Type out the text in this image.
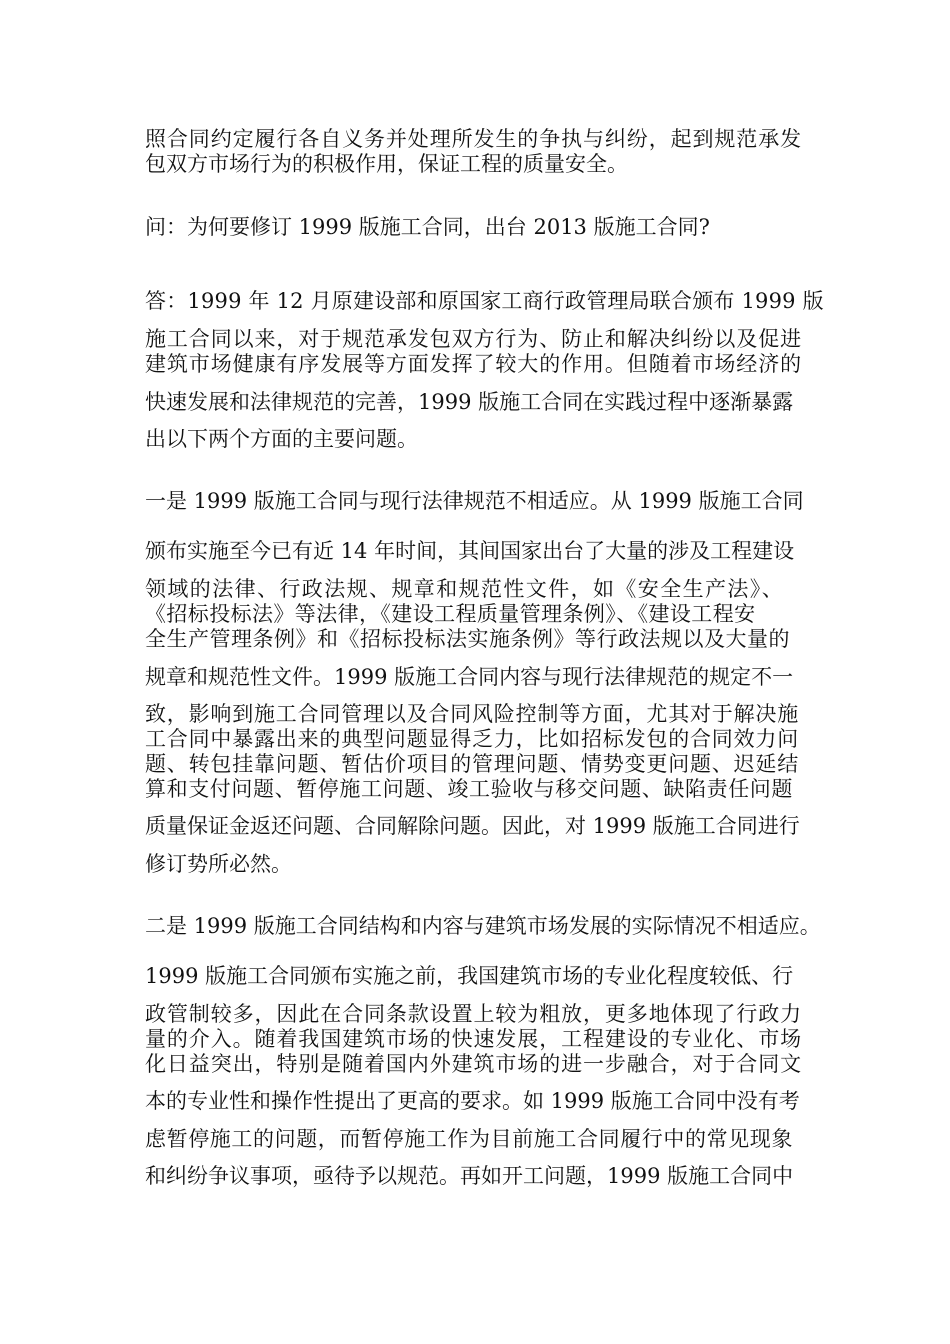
照合同约定履行各自义务并处理所发生的争执与纠纷，起到规范承发
包双方市场行为的积极作用，保证工程的质量安全。
问：为何要修订 1999 版施工合同，出台 2013 版施工合同?
答：1999 年 12 月原建设部和原国家工商行政管理局联合颁布 1999 版
施工合同以来，对于规范承发包双方行为、防止和解决纠纷以及促进
建筑市场健康有序发展等方面发挥了较大的作用。但随着市场经济的
快速发展和法律规范的完善，1999 版施工合同在实践过程中逐渐暴露
出以下两个方面的主要问题。
一是 1999 版施工合同与现行法律规范不相适应。从 1999 版施工合同
颁布实施至今已有近 14 年时间，其间国家出台了大量的涉及工程建设
领域的法律、行政法规、规章和规范性文件，如《安全生产法》、
《招标投标法》等法律，《建设工程质量管理条例》、《建设工程安
全生产管理条例》和《招标投标法实施条例》等行政法规以及大量的
规章和规范性文件。1999 版施工合同内容与现行法律规范的规定不一
致，影响到施工合同管理以及合同风险控制等方面，尤其对于解决施
工合同中暴露出来的典型问题显得乏力，比如招标发包的合同效力问
题、转包挂靠问题、暂估价项目的管理问题、情势变更问题、迟延结
算和支付问题、暂停施工问题、竣工验收与移交问题、缺陷责任问题
质量保证金返还问题、合同解除问题。因此，对 1999 版施工合同进行
修订势所必然。
二是 1999 版施工合同结构和内容与建筑市场发展的实际情况不相适应。
1999 版施工合同颁布实施之前，我国建筑市场的专业化程度较低、行
政管制较多，因此在合同条款设置上较为粗放，更多地体现了行政力
量的介入。随着我国建筑市场的快速发展，工程建设的专业化、市场
化日益突出，特别是随着国内外建筑市场的进一步融合，对于合同文
本的专业性和操作性提出了更高的要求。如 1999 版施工合同中没有考
虑暂停施工的问题，而暂停施工作为目前施工合同履行中的常见现象
和纠纷争议事项，亟待予以规范。再如开工问题，1999 版施工合同中
